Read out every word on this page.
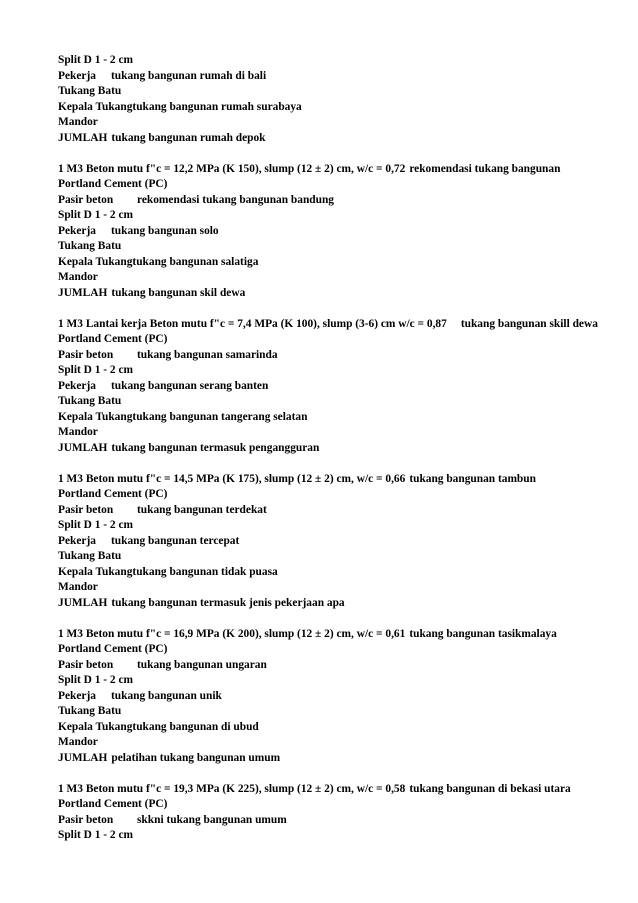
Split D 1 - 2 cm
Pekerja tukang bangunan rumah di bali
Tukang Batu
Kepala Tukangtukang bangunan rumah surabaya
Mandor
JUMLAH tukang bangunan rumah depok
1 M3 Beton mutu f"c = 12,2 MPa (K 150), slump (12 ± 2) cm, w/c = 0,72 rekomendasi tukang bangunan
Portland Cement (PC)
Pasir beton rekomendasi tukang bangunan bandung
Split D 1 - 2 cm
Pekerja tukang bangunan solo
Tukang Batu
Kepala Tukangtukang bangunan salatiga
Mandor
JUMLAH tukang bangunan skil dewa
1 M3 Lantai kerja Beton mutu f"c = 7,4 MPa (K 100), slump (3-6) cm w/c = 0,87 tukang bangunan skill dewa
Portland Cement (PC)
Pasir beton tukang bangunan samarinda
Split D 1 - 2 cm
Pekerja tukang bangunan serang banten
Tukang Batu
Kepala Tukangtukang bangunan tangerang selatan
Mandor
JUMLAH tukang bangunan termasuk pengangguran
1 M3 Beton mutu f"c = 14,5 MPa (K 175), slump (12 ± 2) cm, w/c = 0,66 tukang bangunan tambun
Portland Cement (PC)
Pasir beton tukang bangunan terdekat
Split D 1 - 2 cm
Pekerja tukang bangunan tercepat
Tukang Batu
Kepala Tukangtukang bangunan tidak puasa
Mandor
JUMLAH tukang bangunan termasuk jenis pekerjaan apa
1 M3 Beton mutu f"c = 16,9 MPa (K 200), slump (12 ± 2) cm, w/c = 0,61 tukang bangunan tasikmalaya
Portland Cement (PC)
Pasir beton tukang bangunan ungaran
Split D 1 - 2 cm
Pekerja tukang bangunan unik
Tukang Batu
Kepala Tukangtukang bangunan di ubud
Mandor
JUMLAH pelatihan tukang bangunan umum
1 M3 Beton mutu f"c = 19,3 MPa (K 225), slump (12 ± 2) cm, w/c = 0,58 tukang bangunan di bekasi utara
Portland Cement (PC)
Pasir beton skkni tukang bangunan umum
Split D 1 - 2 cm
